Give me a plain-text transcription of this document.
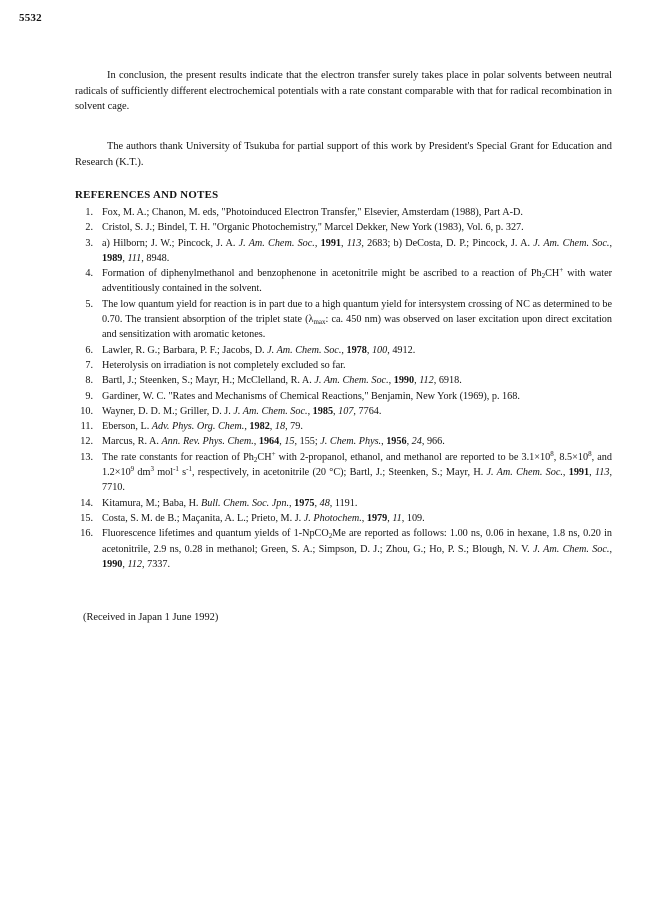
5532

In conclusion, the present results indicate that the electron transfer surely takes place in polar solvents between neutral radicals of sufficiently different electrochemical potentials with a rate constant comparable with that for radical recombination in solvent cage.

The authors thank University of Tsukuba for partial support of this work by President's Special Grant for Education and Research (K.T.).

REFERENCES AND NOTES
1. Fox, M. A.; Chanon, M. eds, "Photoinduced Electron Transfer," Elsevier, Amsterdam (1988), Part A-D.
2. Cristol, S. J.; Bindel, T. H. "Organic Photochemistry," Marcel Dekker, New York (1983), Vol. 6, p. 327.
3. a) Hilborn; J. W.; Pincock, J. A. J. Am. Chem. Soc., 1991, 113, 2683; b) DeCosta, D. P.; Pincock, J. A. J. Am. Chem. Soc., 1989, 111, 8948.
4. Formation of diphenylmethanol and benzophenone in acetonitrile might be ascribed to a reaction of $Ph_2CH^+$ with water adventitiously contained in the solvent.
5. The low quantum yield for reaction is in part due to a high quantum yield for intersystem crossing of NC as determined to be 0.70. The transient absorption of the triplet state ($\lambda_{max}$: ca. 450 nm) was observed on laser excitation upon direct excitation and sensitization with aromatic ketones.
6. Lawler, R. G.; Barbara, P. F.; Jacobs, D. J. Am. Chem. Soc., 1978, 100, 4912.
7. Heterolysis on irradiation is not completely excluded so far.
8. Bartl, J.; Steenken, S.; Mayr, H.; McClelland, R. A. J. Am. Chem. Soc., 1990, 112, 6918.
9. Gardiner, W. C. "Rates and Mechanisms of Chemical Reactions," Benjamin, New York (1969), p. 168.
10. Wayner, D. D. M.; Griller, D. J. J. Am. Chem. Soc., 1985, 107, 7764.
11. Eberson, L. Adv. Phys. Org. Chem., 1982, 18, 79.
12. Marcus, R. A. Ann. Rev. Phys. Chem., 1964, 15, 155; J. Chem. Phys., 1956, 24, 966.
13. The rate constants for reaction of $Ph_2CH^+$ with 2-propanol, ethanol, and methanol are reported to be $3.1\times 10^8$, $8.5\times 10^8$, and $1.2\times 10^9$ $dm^3$ mol$^{-1}$ $s^{-1}$, respectively, in acetonitrile (20 °C); Bartl, J.; Steenken, S.; Mayr, H. J. Am. Chem. Soc., 1991, 113, 7710.
14. Kitamura, M.; Baba, H. Bull. Chem. Soc. Jpn., 1975, 48, 1191.
15. Costa, S. M. de B.; Maçanita, A. L.; Prieto, M. J. J. Photochem., 1979, 11, 109.
16. Fluorescence lifetimes and quantum yields of 1-NpCO$_2$Me are reported as follows: 1.00 ns, 0.06 in hexane, 1.8 ns, 0.20 in acetonitrile, 2.9 ns, 0.28 in methanol; Green, S. A.; Simpson, D. J.; Zhou, G.; Ho, P. S.; Blough, N. V. J. Am. Chem. Soc., 1990, 112, 7337.
(Received in Japan 1 June 1992)
